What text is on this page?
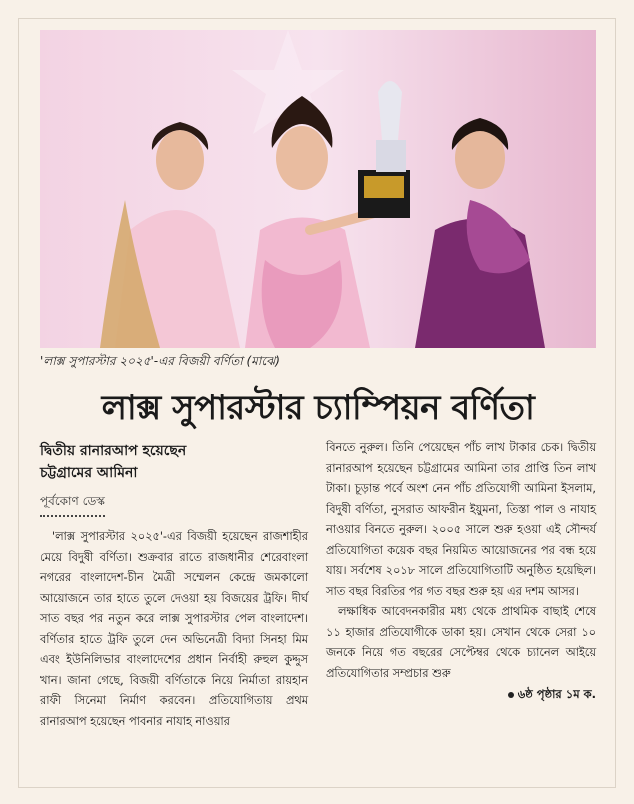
'লাক্স সুপারস্টার ২০২৫'-এর বিজয়ী বর্ণিতা (মাঝে)
লাক্স সুপারস্টার চ্যাম্পিয়ন বর্ণিতা
দ্বিতীয় রানারআপ হয়েছেন
চট্টগ্রামের আমিনা
পূর্বকোণ ডেস্ক

'লাক্স সুপারস্টার ২০২৫'-এর বিজয়ী হয়েছেন রাজশাহীর মেয়ে বিদুষী বর্ণিতা। শুক্রবার রাতে রাজধানীর শেরেবাংলা নগরের বাংলাদেশ-চীন মৈত্রী সম্মেলন কেন্দ্রে জমকালো আয়োজনে তার হাতে তুলে দেওয়া হয় বিজয়ের ট্রফি। দীর্ঘ সাত বছর পর নতুন করে লাক্স সুপারস্টার পেল বাংলাদেশ। বর্ণিতার হাতে ট্রফি তুলে দেন অভিনেত্রী বিদ্যা সিনহা মিম এবং ইউনিলিভার বাংলাদেশের প্রধান নির্বাহী রুহুল কুদ্দুস খান। জানা গেছে, বিজয়ী বর্ণিতাকে নিয়ে নির্মাতা রায়হান রাফী সিনেমা নির্মাণ করবেন। প্রতিযোগিতায় প্রথম রানারআপ হয়েছেন পাবনার নাযাহ নাওয়ার

বিনতে নুরুল। তিনি পেয়েছেন পাঁচ লাখ টাকার চেক। দ্বিতীয় রানারআপ হয়েছেন চট্টগ্রামের আমিনা তার প্রাপ্তি তিন লাখ টাকা। চূড়ান্ত পর্বে অংশ নেন পাঁচ প্রতিযোগী আমিনা ইসলাম, বিদুষী বর্ণিতা, নুসরাত আফরীন ইয়ুমনা, তিস্তা পাল ও নাযাহ নাওয়ার বিনতে নুরুল। ২০০৫ সালে শুরু হওয়া এই সৌন্দর্য প্রতিযোগিতা কয়েক বছর নিয়মিত আয়োজনের পর বন্ধ হয়ে যায়। সর্বশেষ ২০১৮ সালে প্রতিযোগিতাটি অনুষ্ঠিত হয়েছিল। সাত বছর বিরতির পর গত বছর শুরু হয় এর দশম আসর।

লক্ষাধিক আবেদনকারীর মধ্য থেকে প্রাথমিক বাছাই শেষে ১১ হাজার প্রতিযোগীকে ডাকা হয়। সেখান থেকে সেরা ১০ জনকে নিয়ে গত বছরের সেপ্টেম্বর থেকে চ্যানেল আইয়ে প্রতিযোগিতার সম্প্রচার শুরু

৬ষ্ঠ পৃষ্ঠার ১ম ক.
